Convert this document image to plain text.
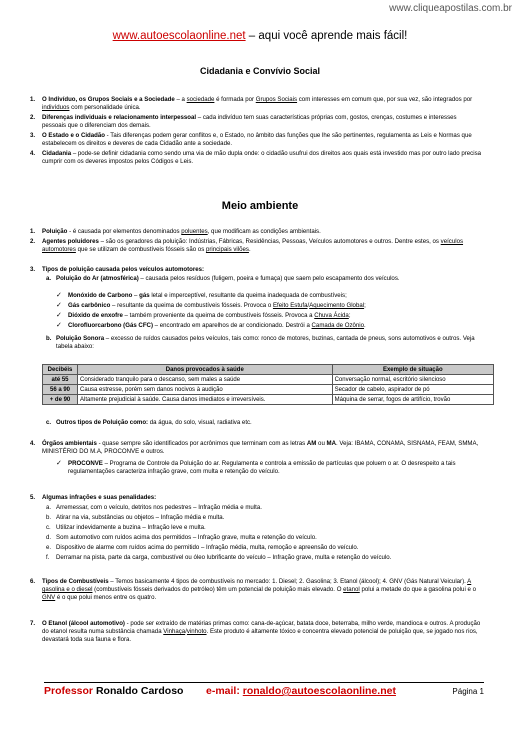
www.cliqueapostilas.com.br
www.autoescolaonline.net – aqui você aprende mais fácil!
Cidadania e Convívio Social
1. O Indivíduo, os Grupos Sociais e a Sociedade – a sociedade é formada por Grupos Sociais com interesses em comum que, por sua vez, são integrados por indivíduos com personalidade única.
2. Diferenças individuais e relacionamento interpessoal – cada indivíduo tem suas características próprias com, gostos, crenças, costumes e interesses pessoais que o diferenciam dos demais.
3. O Estado e o Cidadão - Tais diferenças podem gerar conflitos e, o Estado, no âmbito das funções que lhe são pertinentes, regulamenta as Leis e Normas que estabelecem os direitos e deveres de cada Cidadão ante a sociedade.
4. Cidadania – pode-se definir cidadania como sendo uma via de mão dupla onde: o cidadão usufrui dos direitos aos quais está investido mas por outro lado precisa cumprir com os deveres impostos pelos Códigos e Leis.
Meio ambiente
1. Poluição - é causada por elementos denominados poluentes, que modificam as condições ambientais.
2. Agentes poluidores – são os geradores da poluição: Indústrias, Fábricas, Residências, Pessoas, Veículos automotores e outros. Dentre estes, os veículos automotores que se utilizam de combustíveis fósseis são os principais vilões.
3. Tipos de poluição causada pelos veículos automotores:
a. Poluição do Ar (atmosférica) – causada pelos resíduos (fuligem, poeira e fumaça) que saem pelo escapamento dos veículos.
✓ Monóxido de Carbono – gás letal e imperceptível, resultante da queima inadequada de combustíveis;
✓ Gás carbônico – resultante da queima de combustíveis fósseis. Provoca o Efeito Estufa/Aquecimento Global;
✓ Dióxido de enxofre – também proveniente da queima de combustíveis fósseis. Provoca a Chuva Ácida;
✓ Clorofluorcarbono (Gás CFC) – encontrado em aparelhos de ar condicionado. Destrói a Camada de Ozônio.
b. Poluição Sonora – excesso de ruídos causados pelos veículos, tais como: ronco de motores, buzinas, cantada de pneus, sons automotivos e outros. Veja tabela abaixo:
Decibéis	Danos provocados à saúde	Exemplo de situação
até 55	Considerado tranquilo para o descanso, sem males a saúde	Conversação normal, escritório silencioso
56 a 90	Causa estresse, porém sem danos nocivos à audição	Secador de cabelo, aspirador de pó
+ de 90	Altamente prejudicial à saúde. Causa danos imediatos e irreversíveis.	Máquina de serrar, fogos de artifício, trovão
c. Outros tipos de Poluição como: da água, do solo, visual, radiativa etc.
4. Órgãos ambientais - quase sempre são identificados por acrônimos que terminam com as letras AM ou MA. Veja: IBAMA, CONAMA, SISNAMA, FEAM, SMMA, MINISTÉRIO DO M.A, PROCONVE e outros.
✓ PROCONVE – Programa de Controle da Poluição do ar. Regulamenta e controla a emissão de partículas que poluem o ar. O desrespeito a tais regulamentações caracteriza infração grave, com multa e retenção do veículo.
5. Algumas infrações e suas penalidades:
a. Arremessar, com o veículo, detritos nos pedestres – Infração média e multa.
b. Atirar na via, substâncias ou objetos – Infração média e multa.
c. Utilizar indevidamente a buzina – Infração leve e multa.
d. Som automotivo com ruídos acima dos permitidos – Infração grave, multa e retenção do veículo.
e. Dispositivo de alarme com ruídos acima do permitido – Infração média, multa, remoção e apreensão do veículo.
f. Derramar na pista, parte da carga, combustível ou óleo lubrificante do veículo – Infração grave, multa e retenção do veículo.
6. Tipos de Combustíveis – Temos basicamente 4 tipos de combustíveis no mercado: 1. Diesel; 2. Gasolina; 3. Etanol (álcool); 4. GNV (Gás Natural Veicular). A gasolina e o diesel (combustíveis fósseis derivados do petróleo) têm um potencial de poluição mais elevado. O etanol polui a metade do que a gasolina polui e o GNV é o que polui menos entre os quatro.
7. O Etanol (álcool automotivo) - pode ser extraído de matérias primas como: cana-de-açúcar, batata doce, beterraba, milho verde, mandioca e outros. A produção do etanol resulta numa substância chamada Vinhaça/vinhoto. Este produto é altamente tóxico e concentra elevado potencial de poluição que, se jogado nos rios, devastará toda sua fauna e flora.
Professor Ronaldo Cardoso e-mail: ronaldo@autoescolaonline.net	Página 1
